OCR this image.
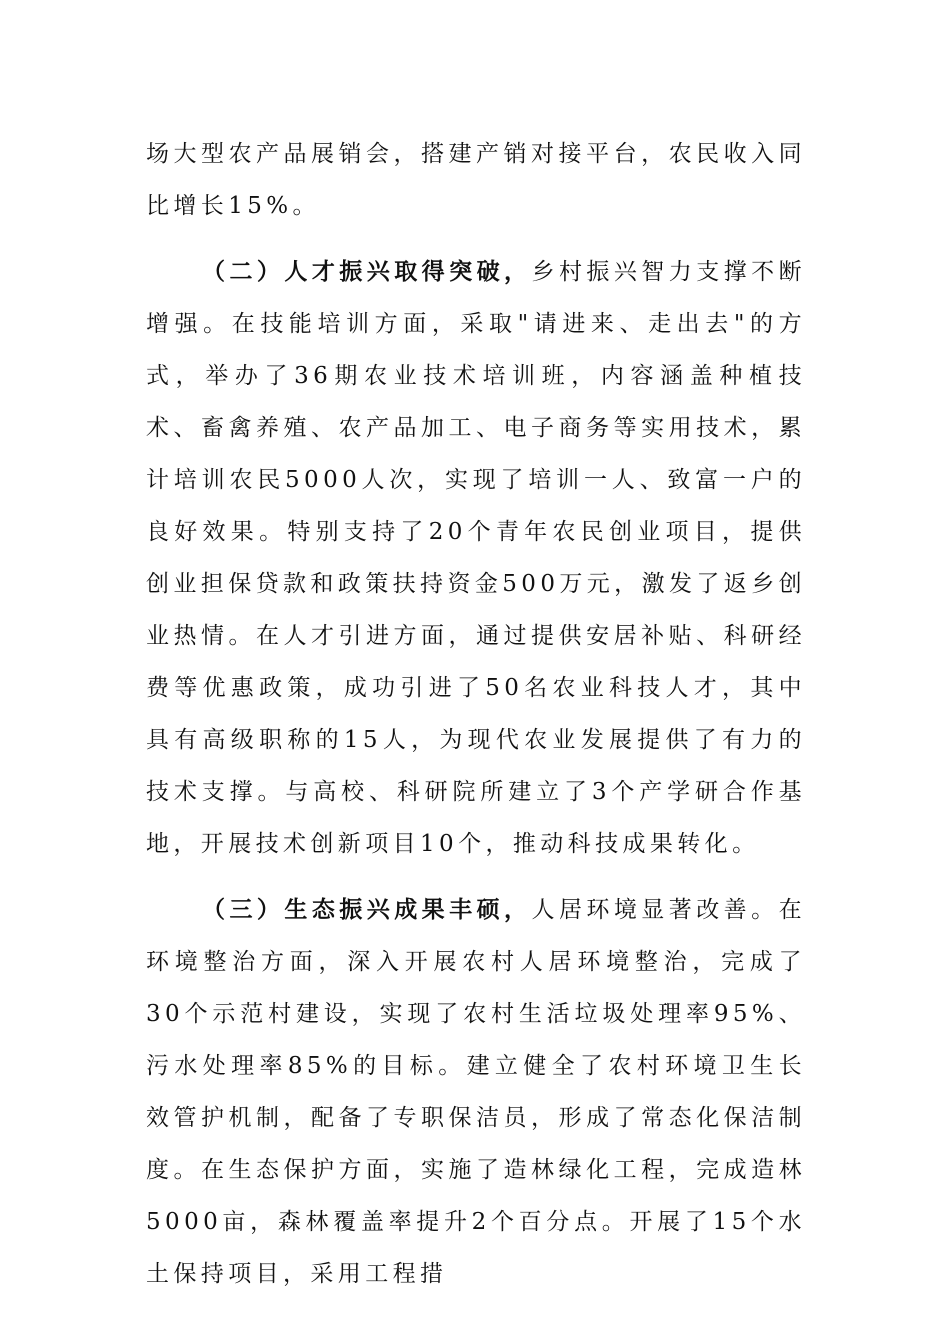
场大型农产品展销会，搭建产销对接平台，农民收入同比增长15%。

（二）人才振兴取得突破，乡村振兴智力支撑不断增强。在技能培训方面，采取"请进来、走出去"的方式，举办了36期农业技术培训班，内容涵盖种植技术、畜禽养殖、农产品加工、电子商务等实用技术，累计培训农民5000人次，实现了培训一人、致富一户的良好效果。特别支持了20个青年农民创业项目，提供创业担保贷款和政策扶持资金500万元，激发了返乡创业热情。在人才引进方面，通过提供安居补贴、科研经费等优惠政策，成功引进了50名农业科技人才，其中具有高级职称的15人，为现代农业发展提供了有力的技术支撑。与高校、科研院所建立了3个产学研合作基地，开展技术创新项目10个，推动科技成果转化。

（三）生态振兴成果丰硕，人居环境显著改善。在环境整治方面，深入开展农村人居环境整治，完成了30个示范村建设，实现了农村生活垃圾处理率95%、污水处理率85%的目标。建立健全了农村环境卫生长效管护机制，配备了专职保洁员，形成了常态化保洁制度。在生态保护方面，实施了造林绿化工程，完成造林5000亩，森林覆盖率提升2个百分点。开展了15个水土保持项目，采用工程措
